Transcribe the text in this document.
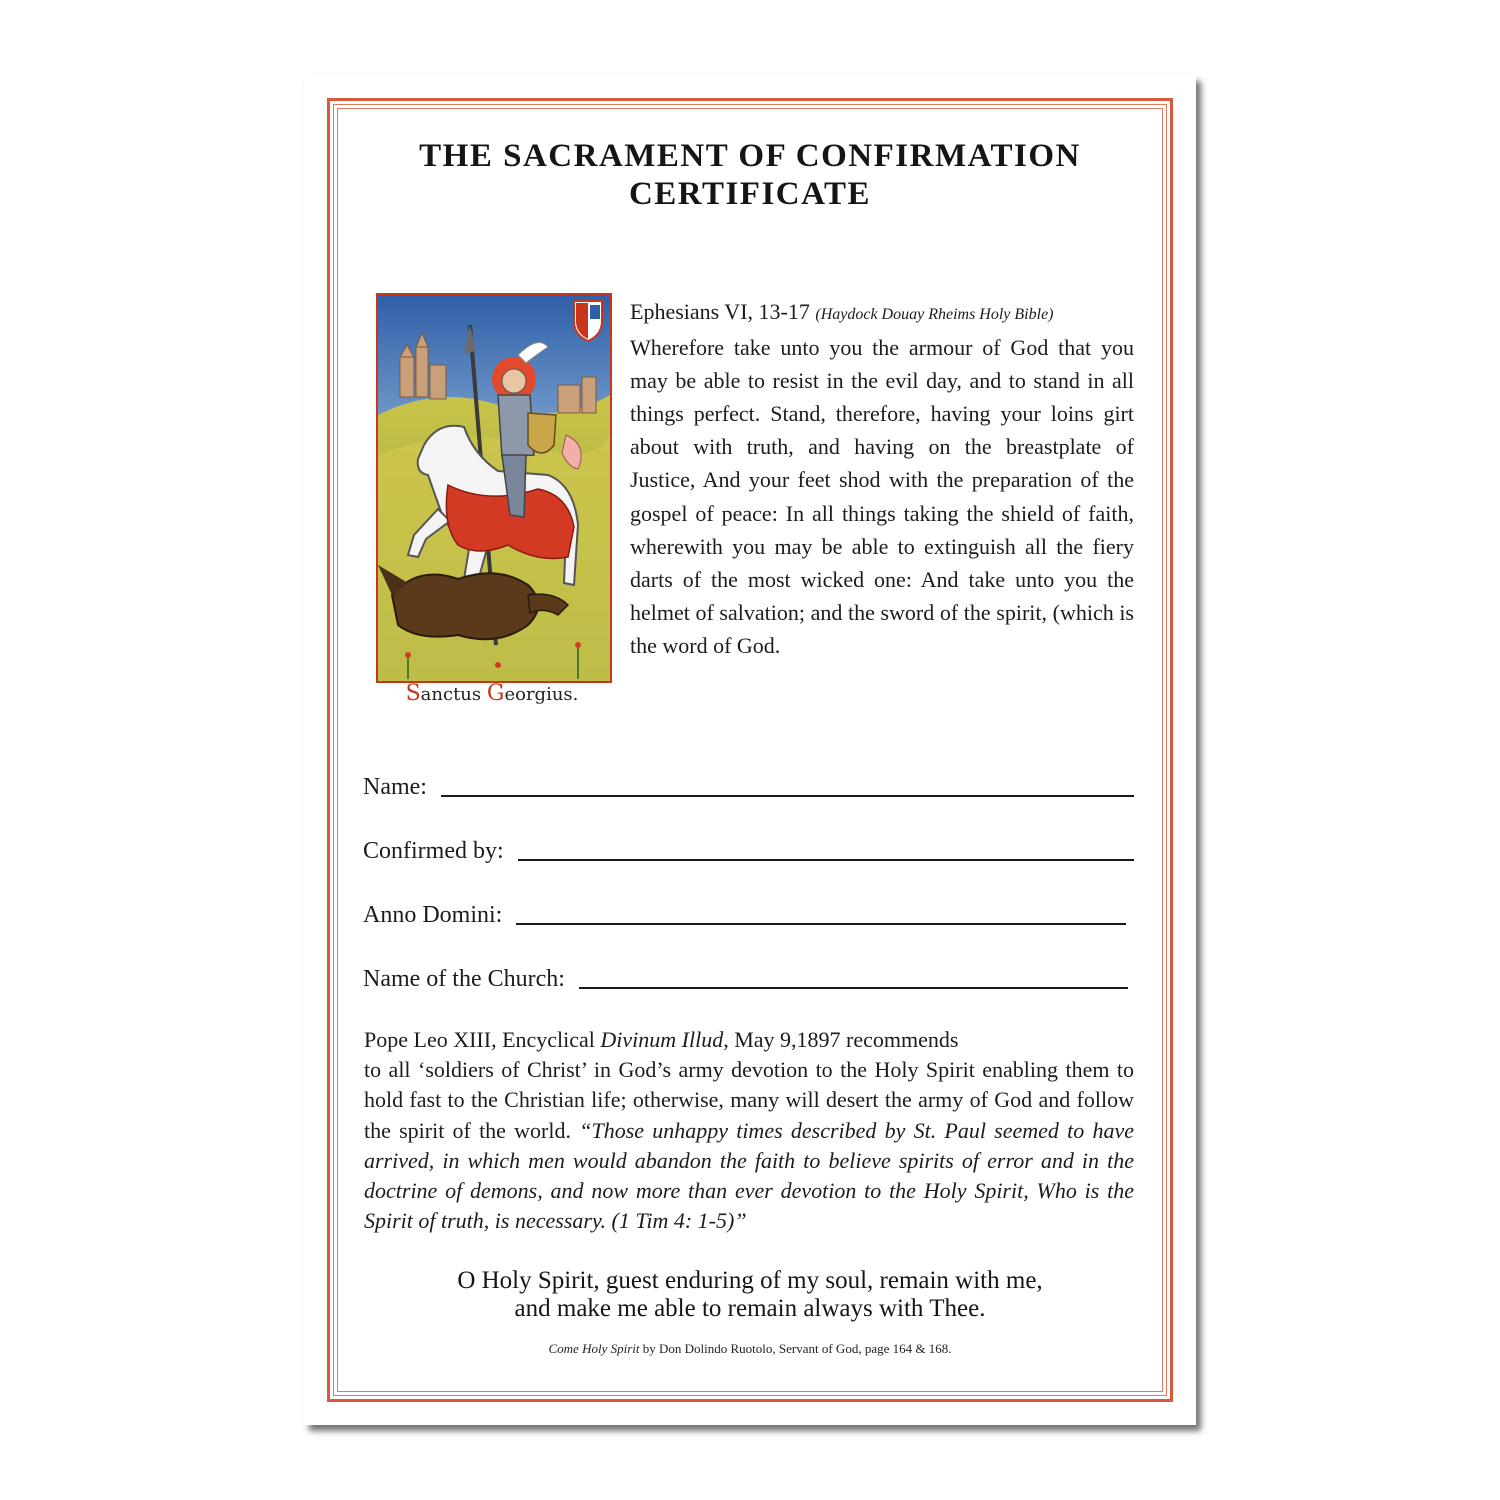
THE SACRAMENT OF CONFIRMATION
CERTIFICATE
Sanctus Georgius.
Ephesians VI, 13-17 (Haydock Douay Rheims Holy Bible)
Wherefore take unto you the armour of God that you may be able to resist in the evil day, and to stand in all things perfect. Stand, therefore, having your loins girt about with truth, and having on the breastplate of Justice, And your feet shod with the preparation of the gospel of peace: In all things taking the shield of faith, wherewith you may be able to extinguish all the fiery darts of the most wicked one: And take unto you the helmet of salvation; and the sword of the spirit, (which is the word of God.
Name:
Confirmed by:
Anno Domini:
Name of the Church:
Pope Leo XIII, Encyclical Divinum Illud, May 9,1897 recommends
to all ‘soldiers of Christ’ in God’s army devotion to the Holy Spirit enabling them to hold fast to the Christian life; otherwise, many will desert the army of God and follow the spirit of the world. “Those unhappy times described by St. Paul seemed to have arrived, in which men would abandon the faith to believe spirits of error and in the doctrine of demons, and now more than ever devotion to the Holy Spirit, Who is the Spirit of truth, is necessary. (1 Tim 4: 1-5)”
O Holy Spirit, guest enduring of my soul, remain with me,
and make me able to remain always with Thee.
Come Holy Spirit by Don Dolindo Ruotolo, Servant of God, page 164 & 168.
